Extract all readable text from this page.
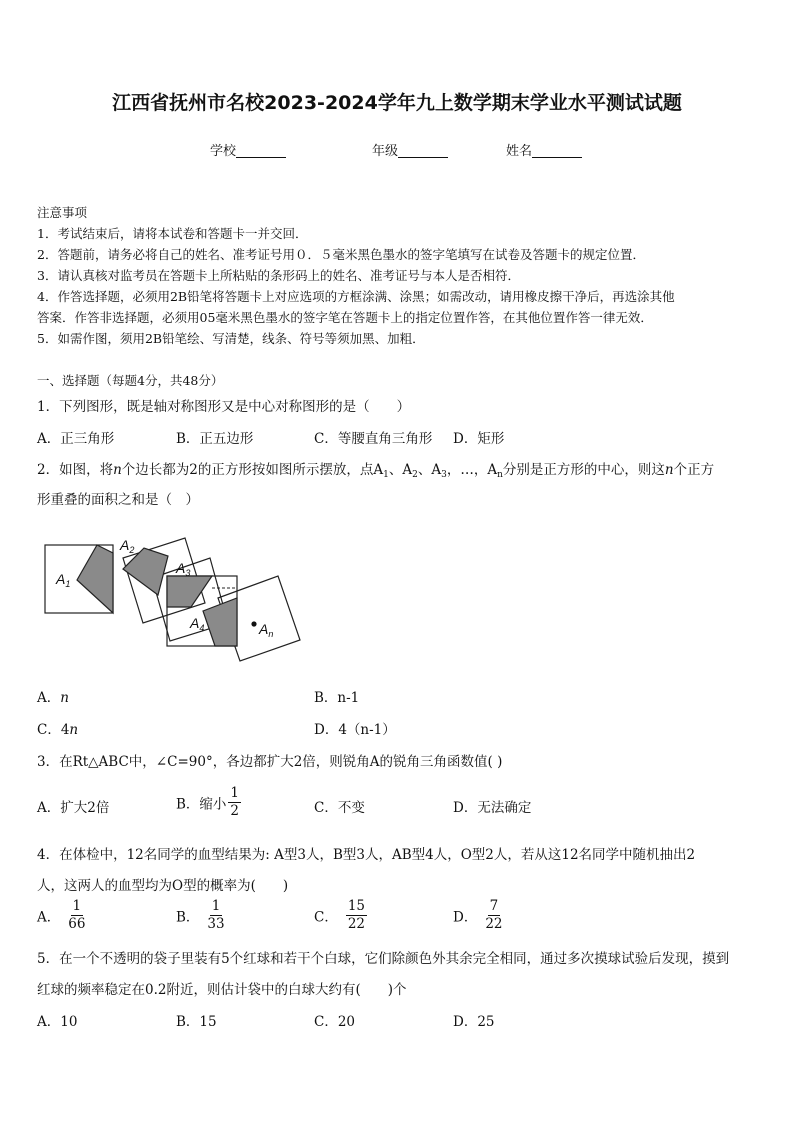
江西省抚州市名校2023-2024学年九上数学期末学业水平测试试题
学校	年级	姓名
注意事项
1．考试结束后，请将本试卷和答题卡一并交回．
2．答题前，请务必将自己的姓名、准考证号用０．５毫米黑色墨水的签字笔填写在试卷及答题卡的规定位置．
3．请认真核对监考员在答题卡上所粘贴的条形码上的姓名、准考证号与本人是否相符．
4．作答选择题，必须用2B铅笔将答题卡上对应选项的方框涂满、涂黑；如需改动，请用橡皮擦干净后，再选涂其他
答案．作答非选择题，必须用05毫米黑色墨水的签字笔在答题卡上的指定位置作答，在其他位置作答一律无效．
5．如需作图，须用2B铅笔绘、写清楚，线条、符号等须加黑、加粗．
一、选择题（每题4分，共48分）
1．下列图形，既是轴对称图形又是中心对称图形的是（　　）
A．正三角形	B．正五边形	C．等腰直角三角形 D．矩形
2．如图，将n个边长都为2的正方形按如图所示摆放，点$A_1$、$A_2$、$A_3$，…，$A_n$分别是正方形的中心，则这n个正方
形重叠的面积之和是（　）
$A_1$
$A_2$
$A_3$
$A_4$	$A_n$
A．n	B．n-1
C．4n	D．4（n-1）
3．在Rt△ABC中，∠C=90°，各边都扩大2倍，则锐角A的锐角三角函数值( )
A．扩大2倍	B．缩小 $\frac{1}{2}$	C．不变	D．无法确定
4．在体检中，12名同学的血型结果为: A型3人，B型3人，AB型4人，O型2人，若从这12名同学中随机抽出2
人，这两人的血型均为O型的概率为(　　)
A． $\frac{1}{66}$	B． $\frac{1}{33}$	C． $\frac{15}{22}$	D． $\frac{7}{22}$
5．在一个不透明的袋子里装有5个红球和若干个白球，它们除颜色外其余完全相同，通过多次摸球试验后发现，摸到
红球的频率稳定在0.2附近，则估计袋中的白球大约有(　　)个
A．10	B．15	C．20	D．25
